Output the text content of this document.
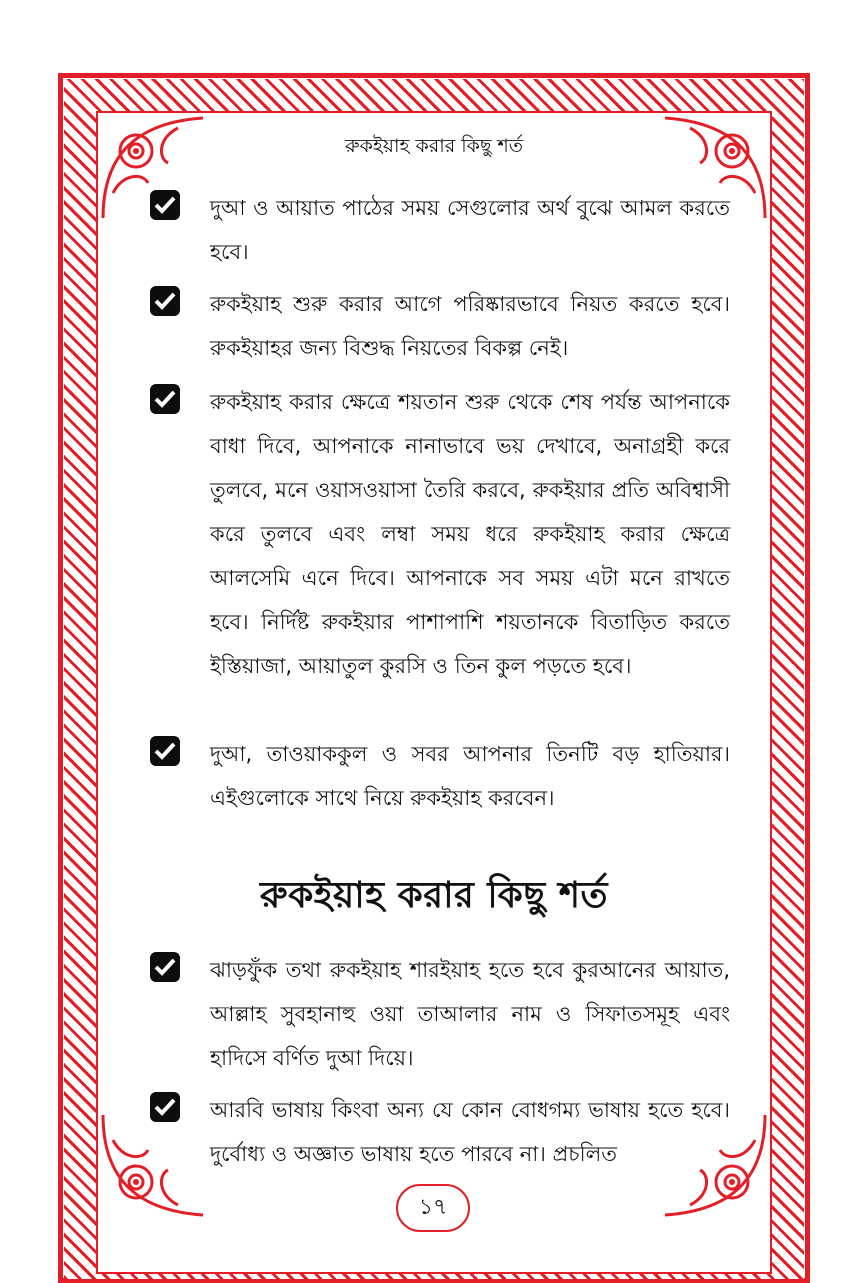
রুকইয়াহ করার কিছু শর্ত
দুআ ও আয়াত পাঠের সময় সেগুলোর অর্থ বুঝে আমল করতে হবে।
রুকইয়াহ শুরু করার আগে পরিষ্কারভাবে নিয়ত করতে হবে। রুকইয়াহর জন্য বিশুদ্ধ নিয়তের বিকল্প নেই।
রুকইয়াহ করার ক্ষেত্রে শয়তান শুরু থেকে শেষ পর্যন্ত আপনাকে বাধা দিবে, আপনাকে নানাভাবে ভয় দেখাবে, অনাগ্রহী করে তুলবে, মনে ওয়াসওয়াসা তৈরি করবে, রুকইয়ার প্রতি অবিশ্বাসী করে তুলবে এবং লম্বা সময় ধরে রুকইয়াহ করার ক্ষেত্রে আলসেমি এনে দিবে। আপনাকে সব সময় এটা মনে রাখতে হবে। নির্দিষ্ট রুকইয়ার পাশাপাশি শয়তানকে বিতাড়িত করতে ইস্তিয়াজা, আয়াতুল কুরসি ও তিন কুল পড়তে হবে।
দুআ, তাওয়াককুল ও সবর আপনার তিনটি বড় হাতিয়ার। এইগুলোকে সাথে নিয়ে রুকইয়াহ করবেন।
রুকইয়াহ করার কিছু শর্ত
ঝাড়ফুঁক তথা রুকইয়াহ শারইয়াহ হতে হবে কুরআনের আয়াত, আল্লাহ সুবহানাহু ওয়া তাআলার নাম ও সিফাতসমূহ এবং হাদিসে বর্ণিত দুআ দিয়ে।
আরবি ভাষায় কিংবা অন্য যে কোন বোধগম্য ভাষায় হতে হবে। দুর্বোধ্য ও অজ্ঞাত ভাষায় হতে পারবে না। প্রচলিত
১৭
